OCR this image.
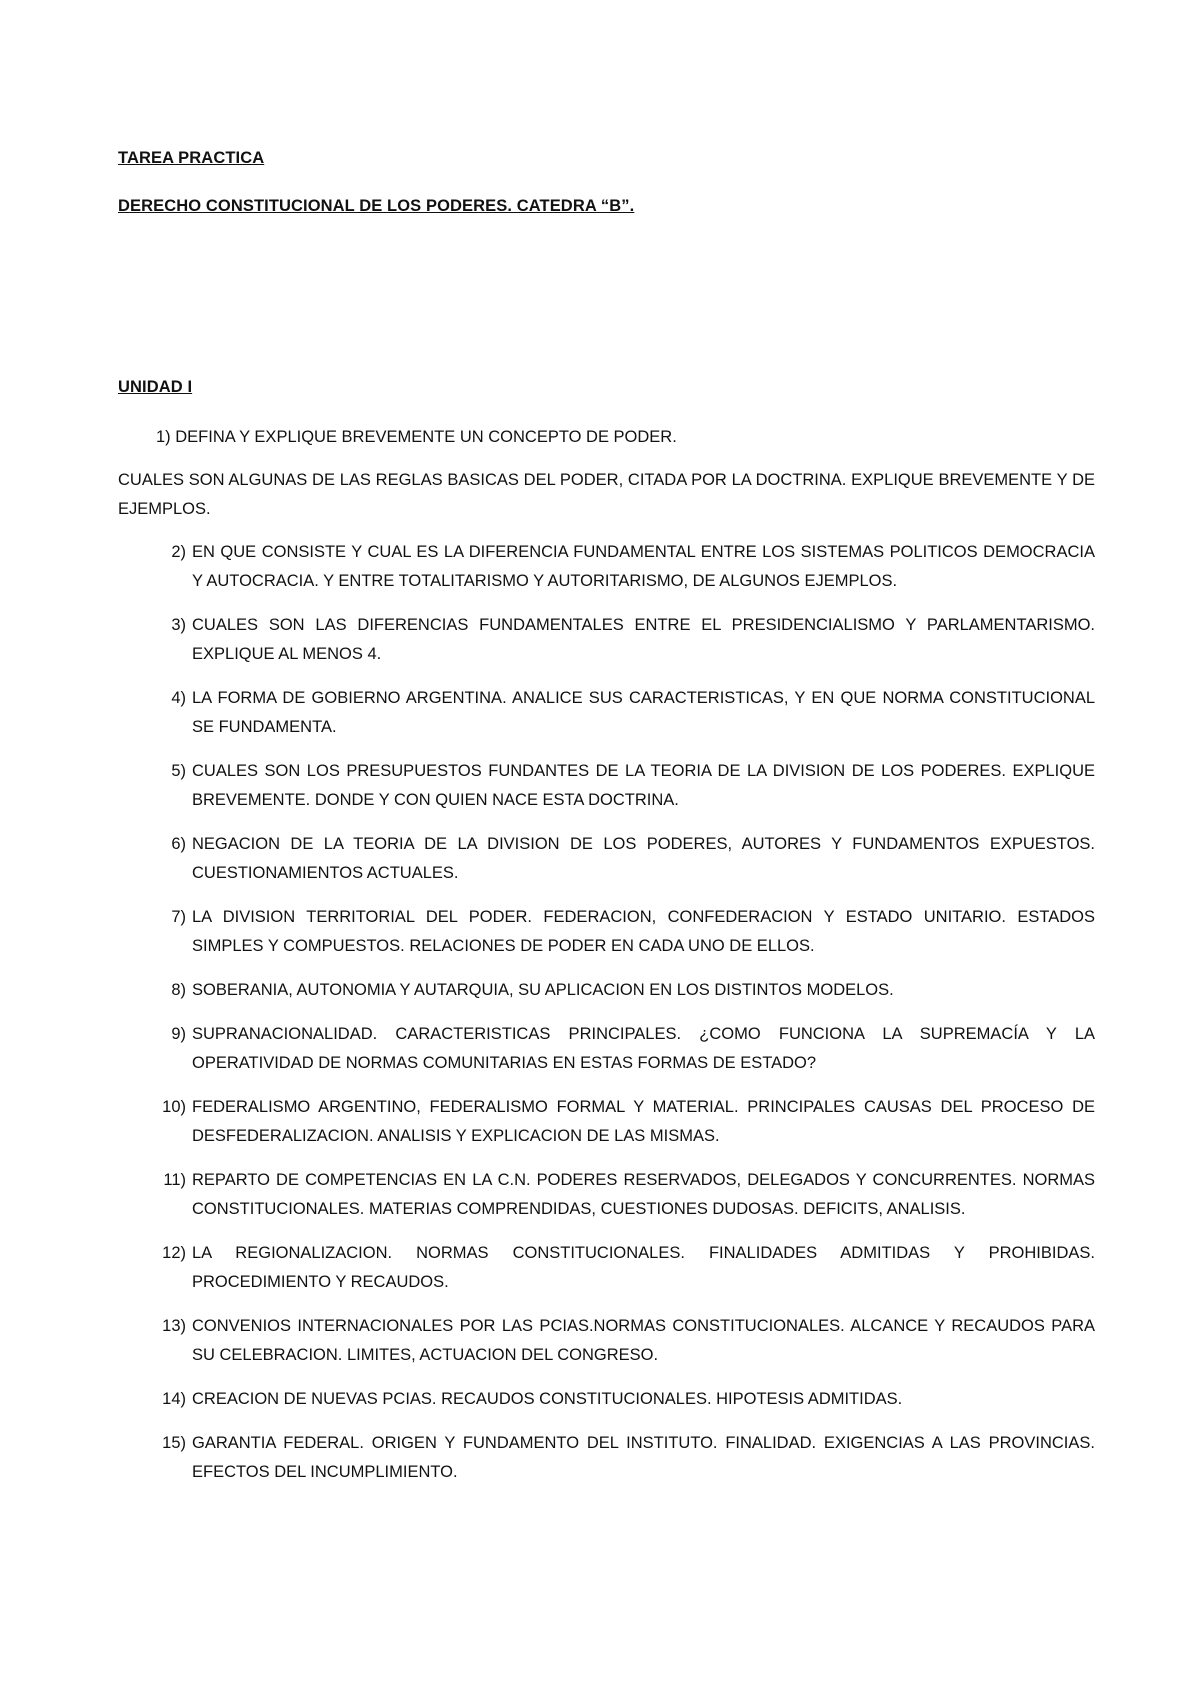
TAREA PRACTICA
DERECHO CONSTITUCIONAL DE LOS PODERES. CATEDRA “B”.
UNIDAD I
1) DEFINA Y EXPLIQUE BREVEMENTE UN CONCEPTO DE PODER.
CUALES SON ALGUNAS DE LAS REGLAS BASICAS DEL PODER, CITADA POR LA DOCTRINA. EXPLIQUE BREVEMENTE Y DE EJEMPLOS.
2) EN QUE CONSISTE Y CUAL ES LA DIFERENCIA FUNDAMENTAL ENTRE LOS SISTEMAS POLITICOS DEMOCRACIA Y AUTOCRACIA. Y ENTRE TOTALITARISMO Y AUTORITARISMO, DE ALGUNOS EJEMPLOS.
3) CUALES SON LAS DIFERENCIAS FUNDAMENTALES ENTRE EL PRESIDENCIALISMO Y PARLAMENTARISMO. EXPLIQUE AL MENOS 4.
4) LA FORMA DE GOBIERNO ARGENTINA. ANALICE SUS CARACTERISTICAS, Y EN QUE NORMA CONSTITUCIONAL SE FUNDAMENTA.
5) CUALES SON LOS PRESUPUESTOS FUNDANTES DE LA TEORIA DE LA DIVISION DE LOS PODERES. EXPLIQUE BREVEMENTE. DONDE Y CON QUIEN NACE ESTA DOCTRINA.
6) NEGACION DE LA TEORIA DE LA DIVISION DE LOS PODERES, AUTORES Y FUNDAMENTOS EXPUESTOS. CUESTIONAMIENTOS ACTUALES.
7) LA DIVISION TERRITORIAL DEL PODER. FEDERACION, CONFEDERACION Y ESTADO UNITARIO. ESTADOS SIMPLES Y COMPUESTOS. RELACIONES DE PODER EN CADA UNO DE ELLOS.
8) SOBERANIA, AUTONOMIA Y AUTARQUIA, SU APLICACION EN LOS DISTINTOS MODELOS.
9) SUPRANACIONALIDAD. CARACTERISTICAS PRINCIPALES. ¿COMO FUNCIONA LA SUPREMACÍA Y LA OPERATIVIDAD DE NORMAS COMUNITARIAS EN ESTAS FORMAS DE ESTADO?
10) FEDERALISMO ARGENTINO, FEDERALISMO FORMAL Y MATERIAL. PRINCIPALES CAUSAS DEL PROCESO DE DESFEDERALIZACION. ANALISIS Y EXPLICACION DE LAS MISMAS.
11) REPARTO DE COMPETENCIAS EN LA C.N. PODERES RESERVADOS, DELEGADOS Y CONCURRENTES. NORMAS CONSTITUCIONALES. MATERIAS COMPRENDIDAS, CUESTIONES DUDOSAS. DEFICITS, ANALISIS.
12) LA REGIONALIZACION. NORMAS CONSTITUCIONALES. FINALIDADES ADMITIDAS Y PROHIBIDAS. PROCEDIMIENTO Y RECAUDOS.
13) CONVENIOS INTERNACIONALES POR LAS PCIAS.NORMAS CONSTITUCIONALES. ALCANCE Y RECAUDOS PARA SU CELEBRACION. LIMITES, ACTUACION DEL CONGRESO.
14) CREACION DE NUEVAS PCIAS. RECAUDOS CONSTITUCIONALES. HIPOTESIS ADMITIDAS.
15) GARANTIA FEDERAL. ORIGEN Y FUNDAMENTO DEL INSTITUTO. FINALIDAD. EXIGENCIAS A LAS PROVINCIAS. EFECTOS DEL INCUMPLIMIENTO.
